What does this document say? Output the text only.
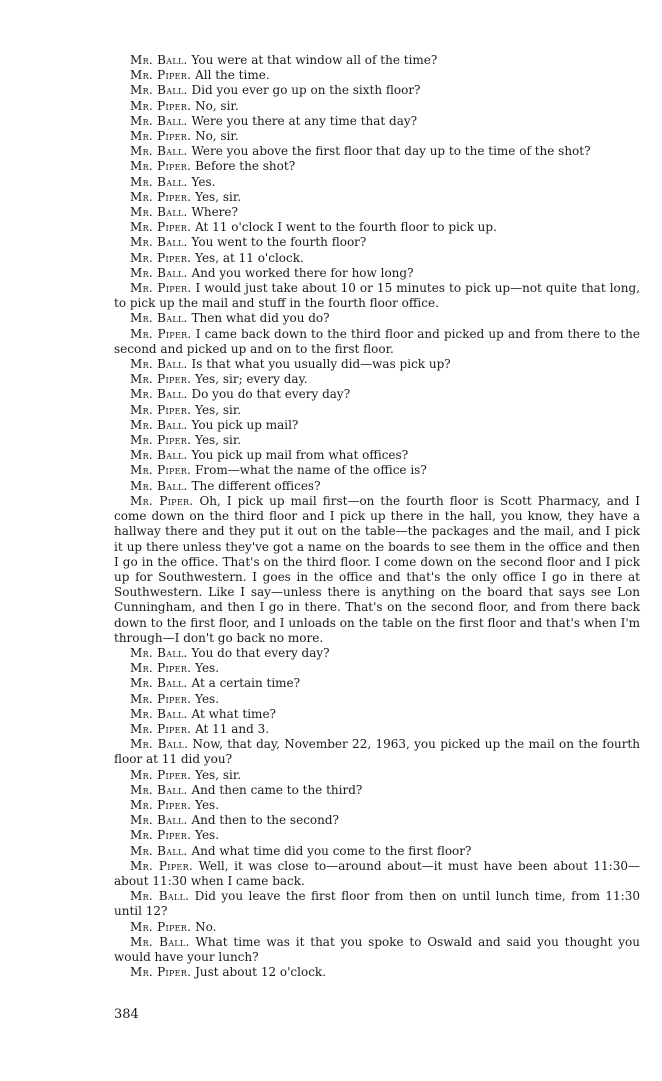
Mr. Ball. You were at that window all of the time?

Mr. Piper. All the time.

Mr. Ball. Did you ever go up on the sixth floor?

Mr. Piper. No, sir.

Mr. Ball. Were you there at any time that day?

Mr. Piper. No, sir.

Mr. Ball. Were you above the first floor that day up to the time of the shot?

Mr. Piper. Before the shot?

Mr. Ball. Yes.

Mr. Piper. Yes, sir.

Mr. Ball. Where?

Mr. Piper. At 11 o'clock I went to the fourth floor to pick up.

Mr. Ball. You went to the fourth floor?

Mr. Piper. Yes, at 11 o'clock.

Mr. Ball. And you worked there for how long?

Mr. Piper. I would just take about 10 or 15 minutes to pick up—not quite that long, to pick up the mail and stuff in the fourth floor office.

Mr. Ball. Then what did you do?

Mr. Piper. I came back down to the third floor and picked up and from there to the second and picked up and on to the first floor.

Mr. Ball. Is that what you usually did—was pick up?

Mr. Piper. Yes, sir; every day.

Mr. Ball. Do you do that every day?

Mr. Piper. Yes, sir.

Mr. Ball. You pick up mail?

Mr. Piper. Yes, sir.

Mr. Ball. You pick up mail from what offices?

Mr. Piper. From—what the name of the office is?

Mr. Ball. The different offices?

Mr. Piper. Oh, I pick up mail first—on the fourth floor is Scott Pharmacy, and I come down on the third floor and I pick up there in the hall, you know, they have a hallway there and they put it out on the table—the packages and the mail, and I pick it up there unless they've got a name on the boards to see them in the office and then I go in the office. That's on the third floor. I come down on the second floor and I pick up for Southwestern. I goes in the office and that's the only office I go in there at Southwestern. Like I say—unless there is anything on the board that says see Lon Cunningham, and then I go in there. That's on the second floor, and from there back down to the first floor, and I unloads on the table on the first floor and that's when I'm through—I don't go back no more.

Mr. Ball. You do that every day?

Mr. Piper. Yes.

Mr. Ball. At a certain time?

Mr. Piper. Yes.

Mr. Ball. At what time?

Mr. Piper. At 11 and 3.

Mr. Ball. Now, that day, November 22, 1963, you picked up the mail on the fourth floor at 11 did you?

Mr. Piper. Yes, sir.

Mr. Ball. And then came to the third?

Mr. Piper. Yes.

Mr. Ball. And then to the second?

Mr. Piper. Yes.

Mr. Ball. And what time did you come to the first floor?

Mr. Piper. Well, it was close to—around about—it must have been about 11:30—about 11:30 when I came back.

Mr. Ball. Did you leave the first floor from then on until lunch time, from 11:30 until 12?

Mr. Piper. No.

Mr. Ball. What time was it that you spoke to Oswald and said you thought you would have your lunch?

Mr. Piper. Just about 12 o'clock.

384
